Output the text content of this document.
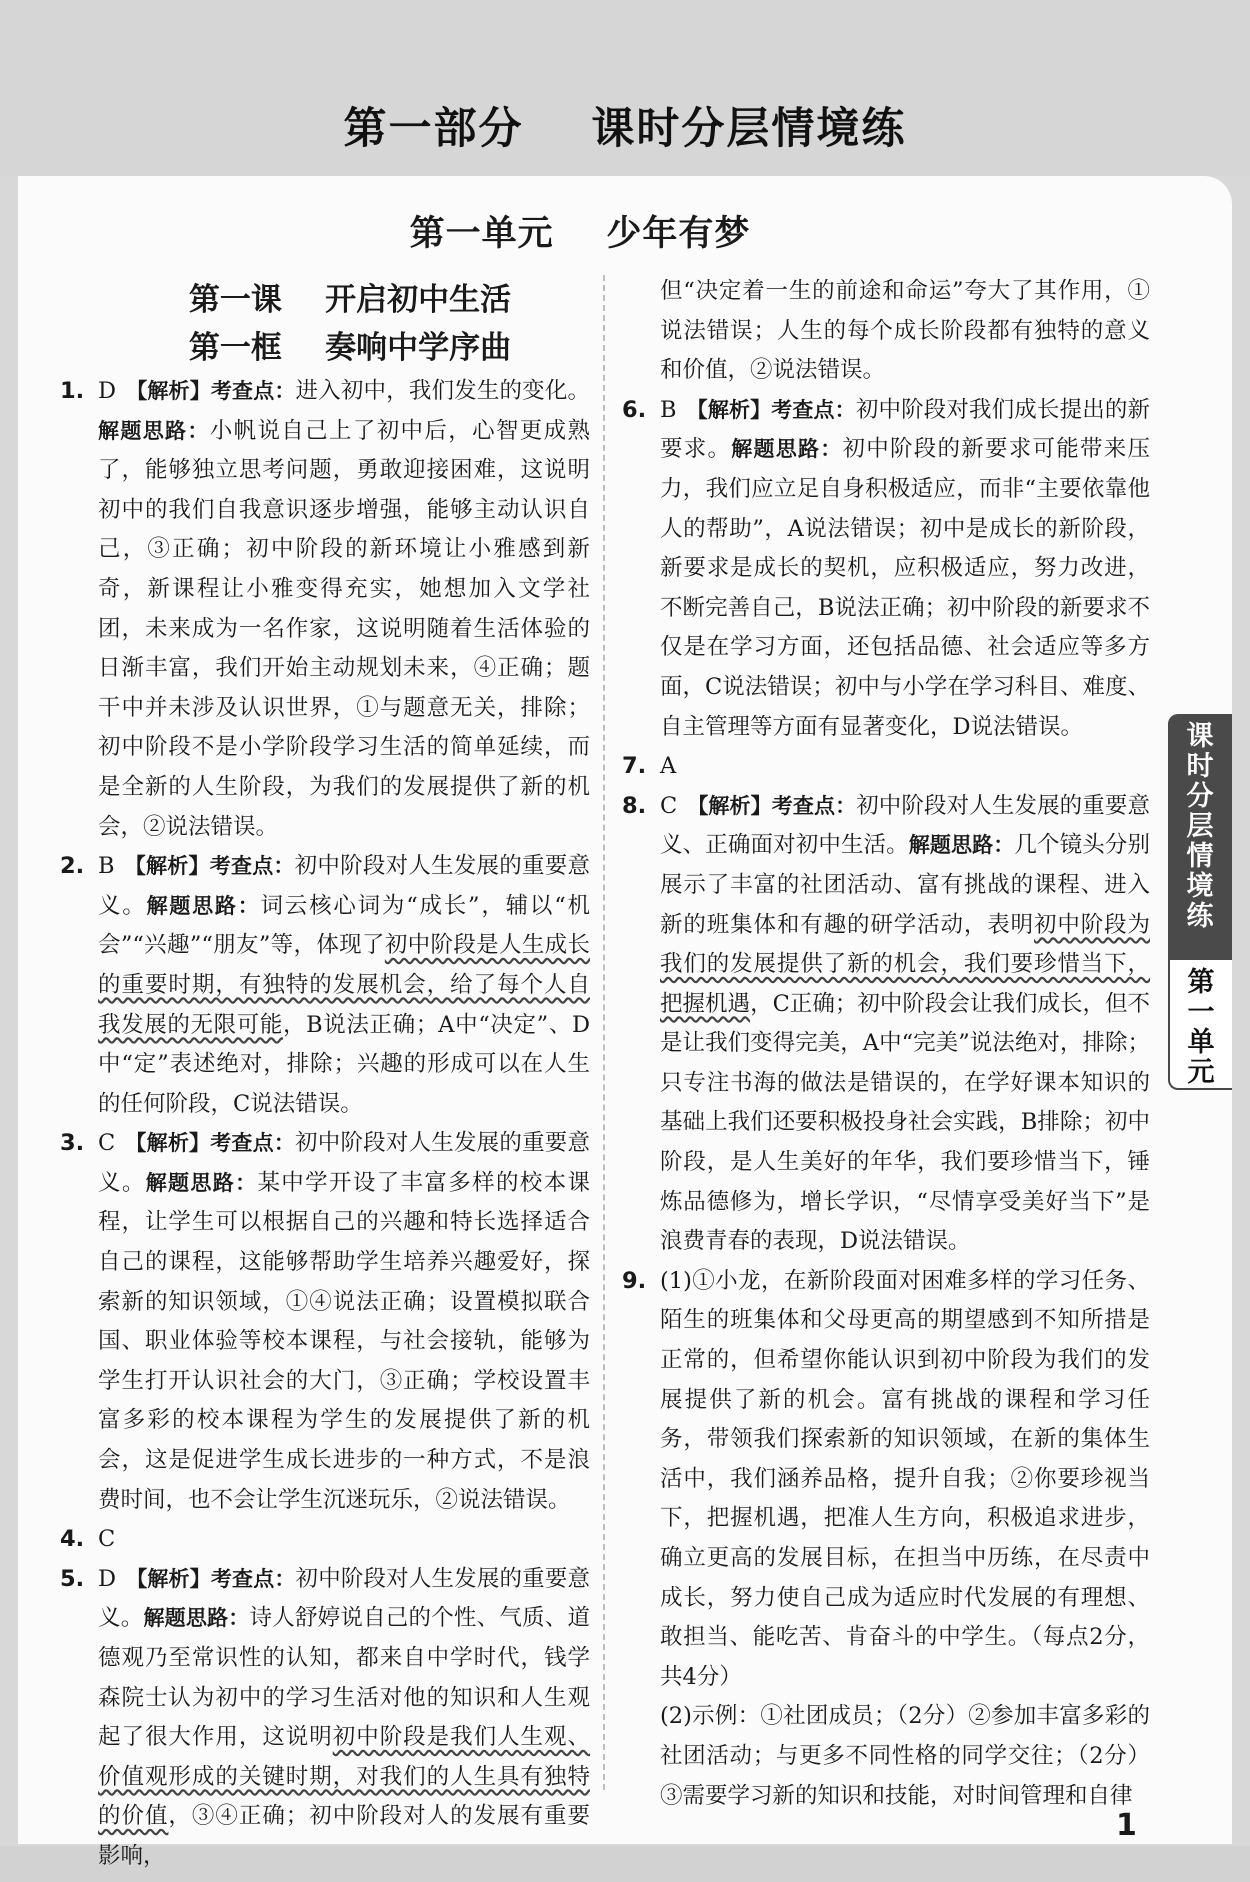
第一部分    课时分层情境练
第一单元    少年有梦
第一课    开启初中生活
第一框    奏响中学序曲
1. D 【解析】考查点：进入初中，我们发生的变化。解题思路：小帆说自己上了初中后，心智更成熟了，能够独立思考问题，勇敢迎接困难，这说明初中的我们自我意识逐步增强，能够主动认识自己，③正确；初中阶段的新环境让小雅感到新奇，新课程让小雅变得充实，她想加入文学社团，未来成为一名作家，这说明随着生活体验的日渐丰富，我们开始主动规划未来，④正确；题干中并未涉及认识世界，①与题意无关，排除；初中阶段不是小学阶段学习生活的简单延续，而是全新的人生阶段，为我们的发展提供了新的机会，②说法错误。
2. B 【解析】考查点：初中阶段对人生发展的重要意义。解题思路：词云核心词为“成长”，辅以“机会”“兴趣”“朋友”等，体现了初中阶段是人生成长的重要时期，有独特的发展机会，给了每个人自我发展的无限可能，B说法正确；A中“决定”、D中“定”表述绝对，排除；兴趣的形成可以在人生的任何阶段，C说法错误。
3. C 【解析】考查点：初中阶段对人生发展的重要意义。解题思路：某中学开设了丰富多样的校本课程，让学生可以根据自己的兴趣和特长选择适合自己的课程，这能够帮助学生培养兴趣爱好，探索新的知识领域，①④说法正确；设置模拟联合国、职业体验等校本课程，与社会接轨，能够为学生打开认识社会的大门，③正确；学校设置丰富多彩的校本课程为学生的发展提供了新的机会，这是促进学生成长进步的一种方式，不是浪费时间，也不会让学生沉迷玩乐，②说法错误。
4. C
5. D 【解析】考查点：初中阶段对人生发展的重要意义。解题思路：诗人舒婷说自己的个性、气质、道德观乃至常识性的认知，都来自中学时代，钱学森院士认为初中的学习生活对他的知识和人生观起了很大作用，这说明初中阶段是我们人生观、价值观形成的关键时期，对我们的人生具有独特的价值，③④正确；初中阶段对人的发展有重要影响，

但“决定着一生的前途和命运”夸大了其作用，①说法错误；人生的每个成长阶段都有独特的意义和价值，②说法错误。

6. B 【解析】考查点：初中阶段对我们成长提出的新要求。解题思路：初中阶段的新要求可能带来压力，我们应立足自身积极适应，而非“主要依靠他人的帮助”，A说法错误；初中是成长的新阶段，新要求是成长的契机，应积极适应，努力改进，不断完善自己，B说法正确；初中阶段的新要求不仅是在学习方面，还包括品德、社会适应等多方面，C说法错误；初中与小学在学习科目、难度、自主管理等方面有显著变化，D说法错误。
7. A
8. C 【解析】考查点：初中阶段对人生发展的重要意义、正确面对初中生活。解题思路：几个镜头分别展示了丰富的社团活动、富有挑战的课程、进入新的班集体和有趣的研学活动，表明初中阶段为我们的发展提供了新的机会，我们要珍惜当下，把握机遇，C正确；初中阶段会让我们成长，但不是让我们变得完美，A中“完美”说法绝对，排除；只专注书海的做法是错误的，在学好课本知识的基础上我们还要积极投身社会实践，B排除；初中阶段，是人生美好的年华，我们要珍惜当下，锤炼品德修为，增长学识，“尽情享受美好当下”是浪费青春的表现，D说法错误。
9. (1)①小龙，在新阶段面对困难多样的学习任务、陌生的班集体和父母更高的期望感到不知所措是正常的，但希望你能认识到初中阶段为我们的发展提供了新的机会。富有挑战的课程和学习任务，带领我们探索新的知识领域，在新的集体生活中，我们涵养品格，提升自我；②你要珍视当下，把握机遇，把准人生方向，积极追求进步，确立更高的发展目标，在担当中历练，在尽责中成长，努力使自己成为适应时代发展的有理想、敢担当、能吃苦、肯奋斗的中学生。（每点2分，共4分）

(2)示例：①社团成员；（2分）②参加丰富多彩的社团活动；与更多不同性格的同学交往；（2分）③需要学习新的知识和技能，对时间管理和自律

课
时
分
层
情
境
练
第
一
单
元
1
